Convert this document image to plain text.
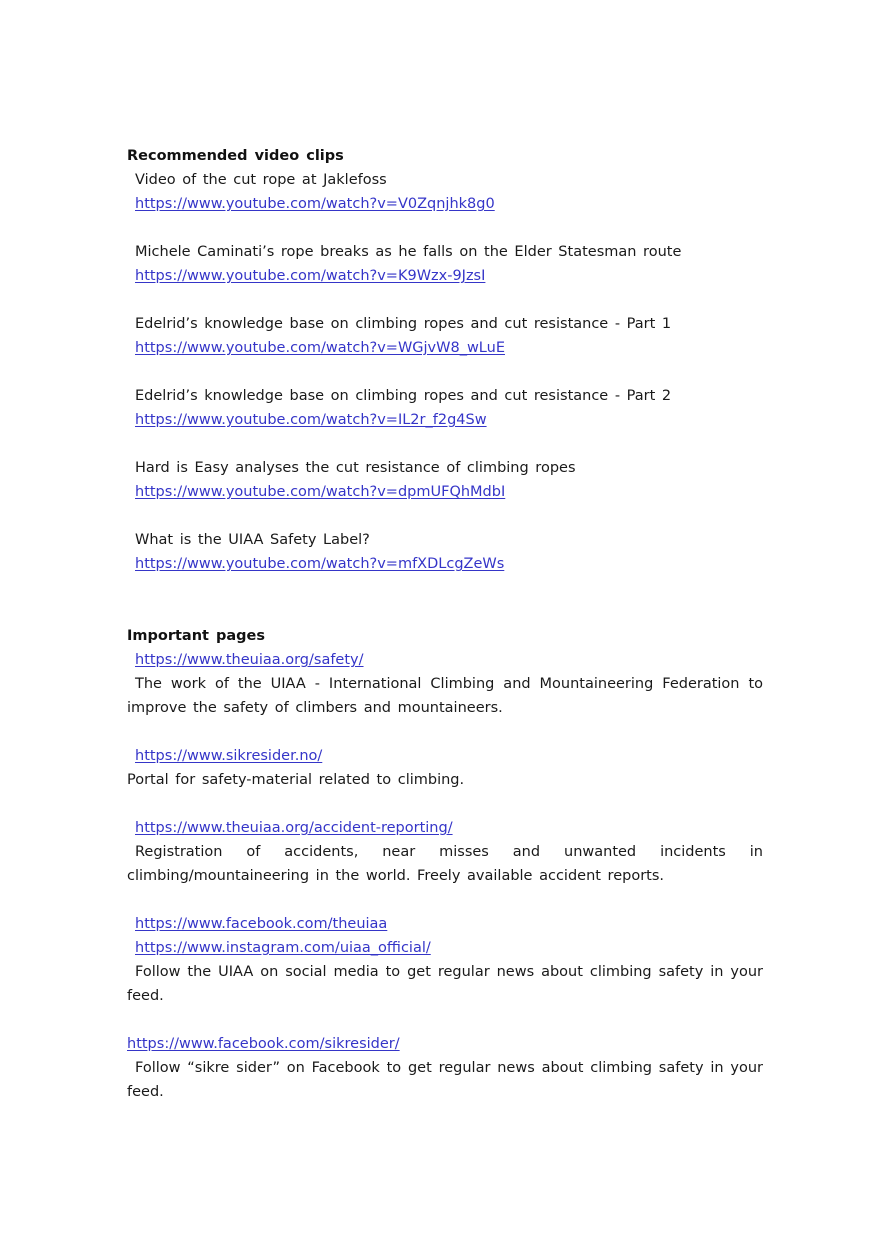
Recommended video clips
Video of the cut rope at Jaklefoss
https://www.youtube.com/watch?v=V0Zqnjhk8g0
Michele Caminati’s rope breaks as he falls on the Elder Statesman route
https://www.youtube.com/watch?v=K9Wzx-9JzsI
Edelrid’s knowledge base on climbing ropes and cut resistance - Part 1
https://www.youtube.com/watch?v=WGjvW8_wLuE
Edelrid’s knowledge base on climbing ropes and cut resistance - Part 2
https://www.youtube.com/watch?v=IL2r_f2g4Sw
Hard is Easy analyses the cut resistance of climbing ropes
https://www.youtube.com/watch?v=dpmUFQhMdbI
What is the UIAA Safety Label?
https://www.youtube.com/watch?v=mfXDLcgZeWs
Important pages
https://www.theuiaa.org/safety/
The work of the UIAA - International Climbing and Mountaineering Federation to improve the safety of climbers and mountaineers.
https://www.sikresider.no/
Portal for safety-material related to climbing.
https://www.theuiaa.org/accident-reporting/
Registration of accidents, near misses and unwanted incidents in climbing/mountaineering in the world. Freely available accident reports.
https://www.facebook.com/theuiaa
https://www.instagram.com/uiaa_official/
Follow the UIAA on social media to get regular news about climbing safety in your feed.
https://www.facebook.com/sikresider/
Follow “sikre sider” on Facebook to get regular news about climbing safety in your feed.
